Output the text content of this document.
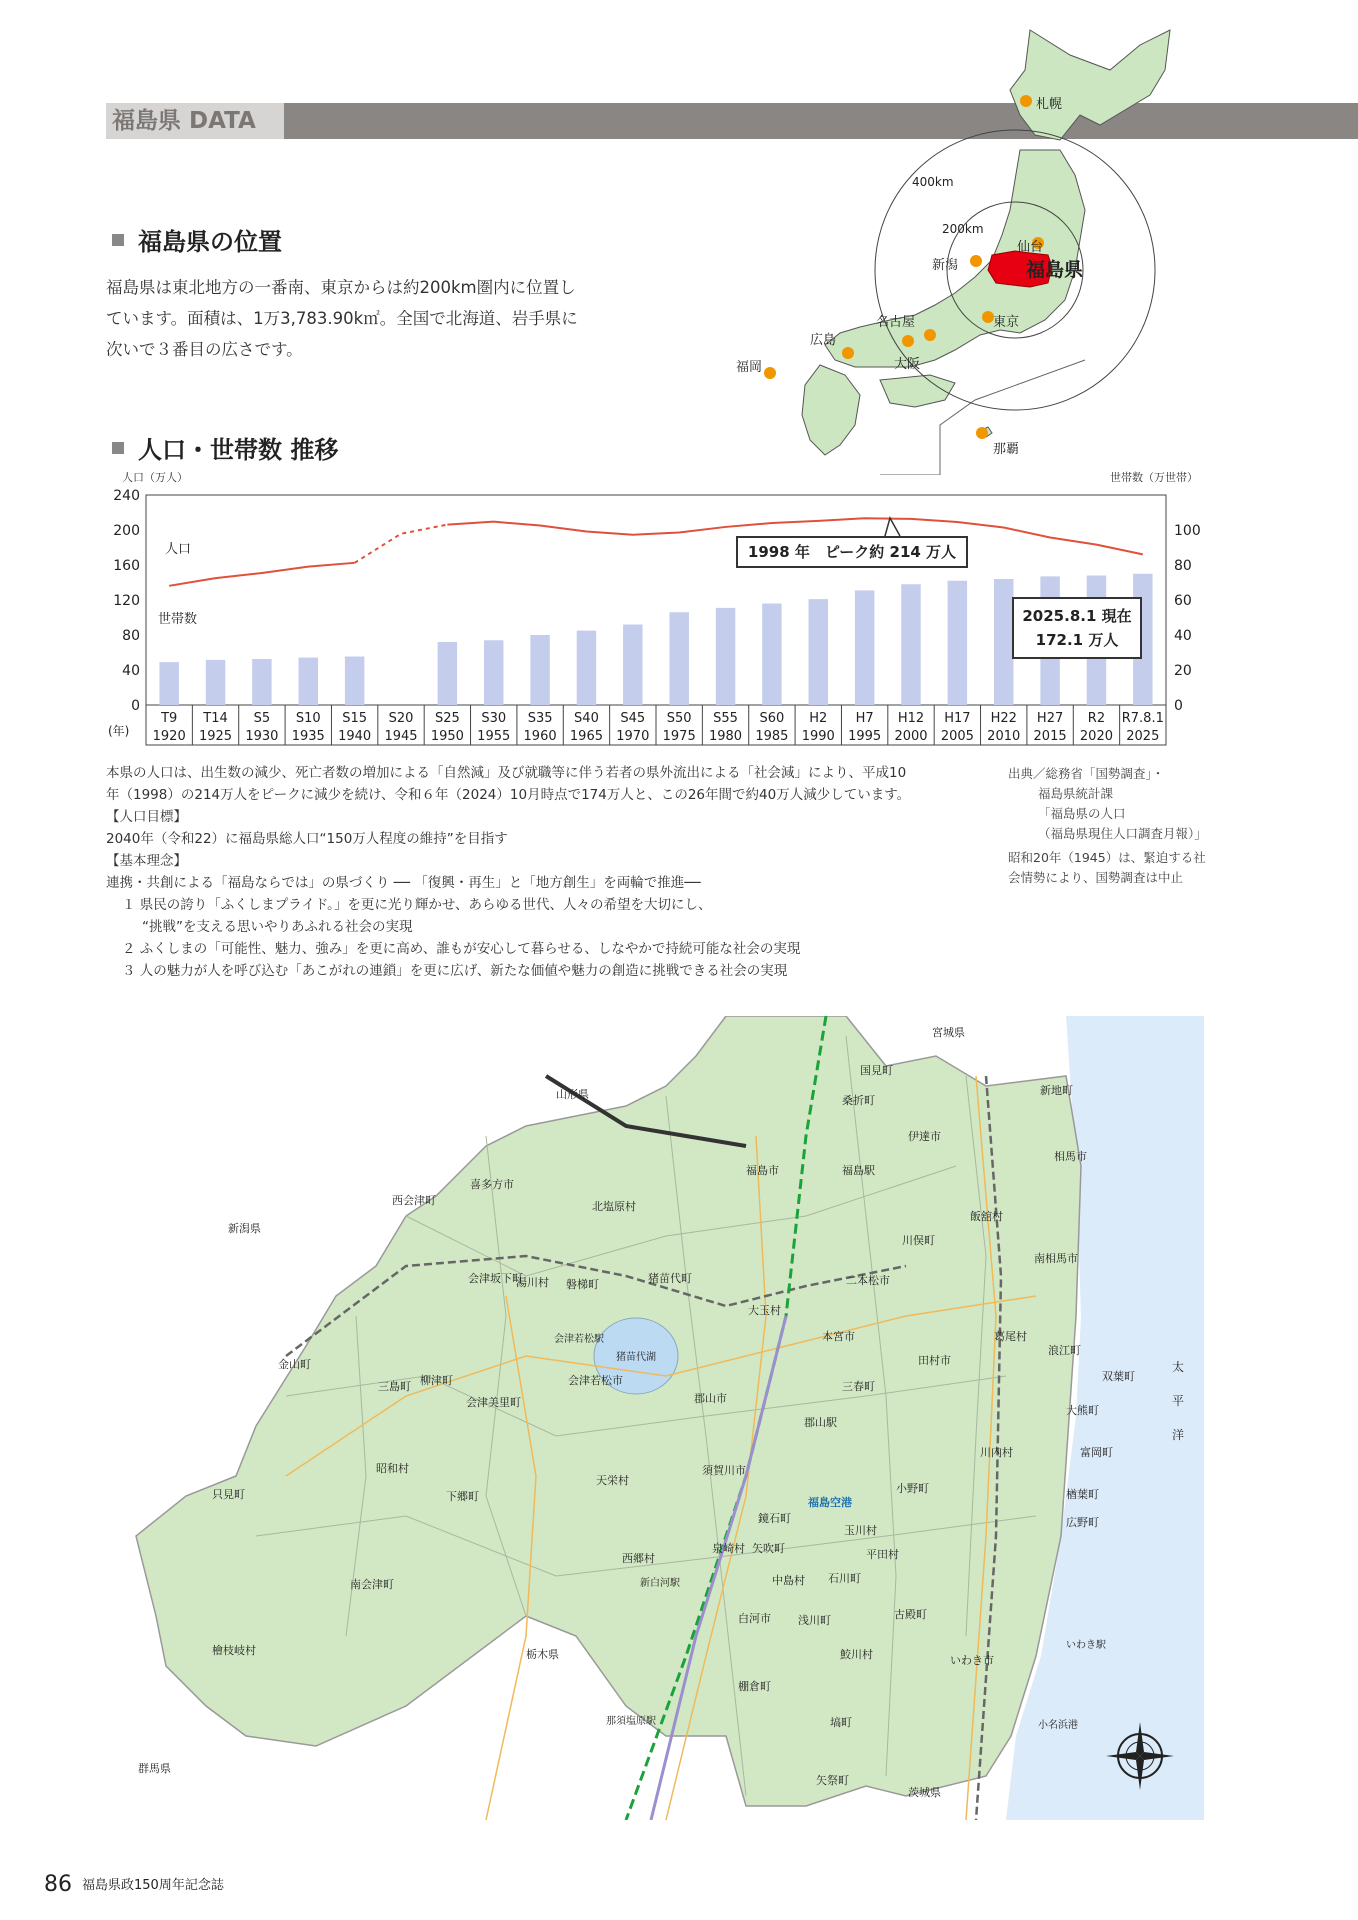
福島県 DATA
福島県の位置
福島県は東北地方の一番南、東京からは約200km圏内に位置し
ています。面積は、1万3,783.90k㎡。全国で北海道、岩手県に
次いで３番目の広さです。
400km
200km
札幌
仙台
新潟	福島県
東京
名古屋
広島
大阪
福岡
那覇
人口・世帯数 推移
人口（万人）	世帯数（万世帯）
0
40
80
120
160
200
240
0
20
40
60
80
100
T9
1920
T14
1925
S5
1930
S10
1935
S15
1940
S20
1945
S25
1950
S30
1955
S35
1960
S40
1965
S45
1970
S50
1975
S55
1980
S60
1985
H2
1990
H7
1995
H12
2000
H17
2005
H22
2010
H27
2015
R2
2020
R7.8.1
2025
人口
世帯数
(年)
1998 年　ピーク約 214 万人
2025.8.1 現在
172.1 万人
本県の人口は、出生数の減少、死亡者数の増加による「自然減」及び就職等に伴う若者の県外流出による「社会減」により、平成10
年（1998）の214万人をピークに減少を続け、令和６年（2024）10月時点で174万人と、この26年間で約40万人減少しています。
【人口目標】
2040年（令和22）に福島県総人口“150万人程度の維持”を目指す
【基本理念】
連携・共創による「福島ならでは」の県づくり ── 「復興・再生」と「地方創生」を両輪で推進──
１ 県民の誇り「ふくしまプライド。」を更に光り輝かせ、あらゆる世代、人々の希望を大切にし、
“挑戦”を支える思いやりあふれる社会の実現
２ ふくしまの「可能性、魅力、強み」を更に高め、誰もが安心して暮らせる、しなやかで持続可能な社会の実現
３ 人の魅力が人を呼び込む「あこがれの連鎖」を更に広げ、新たな価値や魅力の創造に挑戦できる社会の実現
出典／総務省「国勢調査」・
福島県統計課
「福島県の人口
（福島県現住人口調査月報）」
昭和20年（1945）は、緊迫する社
会情勢により、国勢調査は中止
宮城県
山形県
新潟県
栃木県
群馬県
茨城県
太
平
洋
国見町
桑折町
伊達市
福島市
相馬市
新地町
喜多方市
北塩原村
西会津町
飯舘村
川俣町
南相馬市
磐梯町	猪苗代町
会津坂下町
湯川村	二本松市
大玉村
本宮市	葛尾村
浪江町
金山町
三島町 柳津町
会津美里町
会津若松市
郡山市
三春町
田村市
双葉町
大熊町
昭和村
只見町	下郷町
天栄村
須賀川市
川内村	富岡町
楢葉町
広野町
鏡石町
玉川村
平田村
小野町
西郷村
矢吹町
石川町
南会津町
白河市
泉崎村
中島村
浅川町	古殿町
檜枝岐村
棚倉町
鮫川村	いわき市
塙町
矢祭町
福島駅
郡山駅
新白河駅
福島空港
猪苗代湖
会津若松駅
いわき駅
小名浜港
那須塩原駅
86 福島県政150周年記念誌
